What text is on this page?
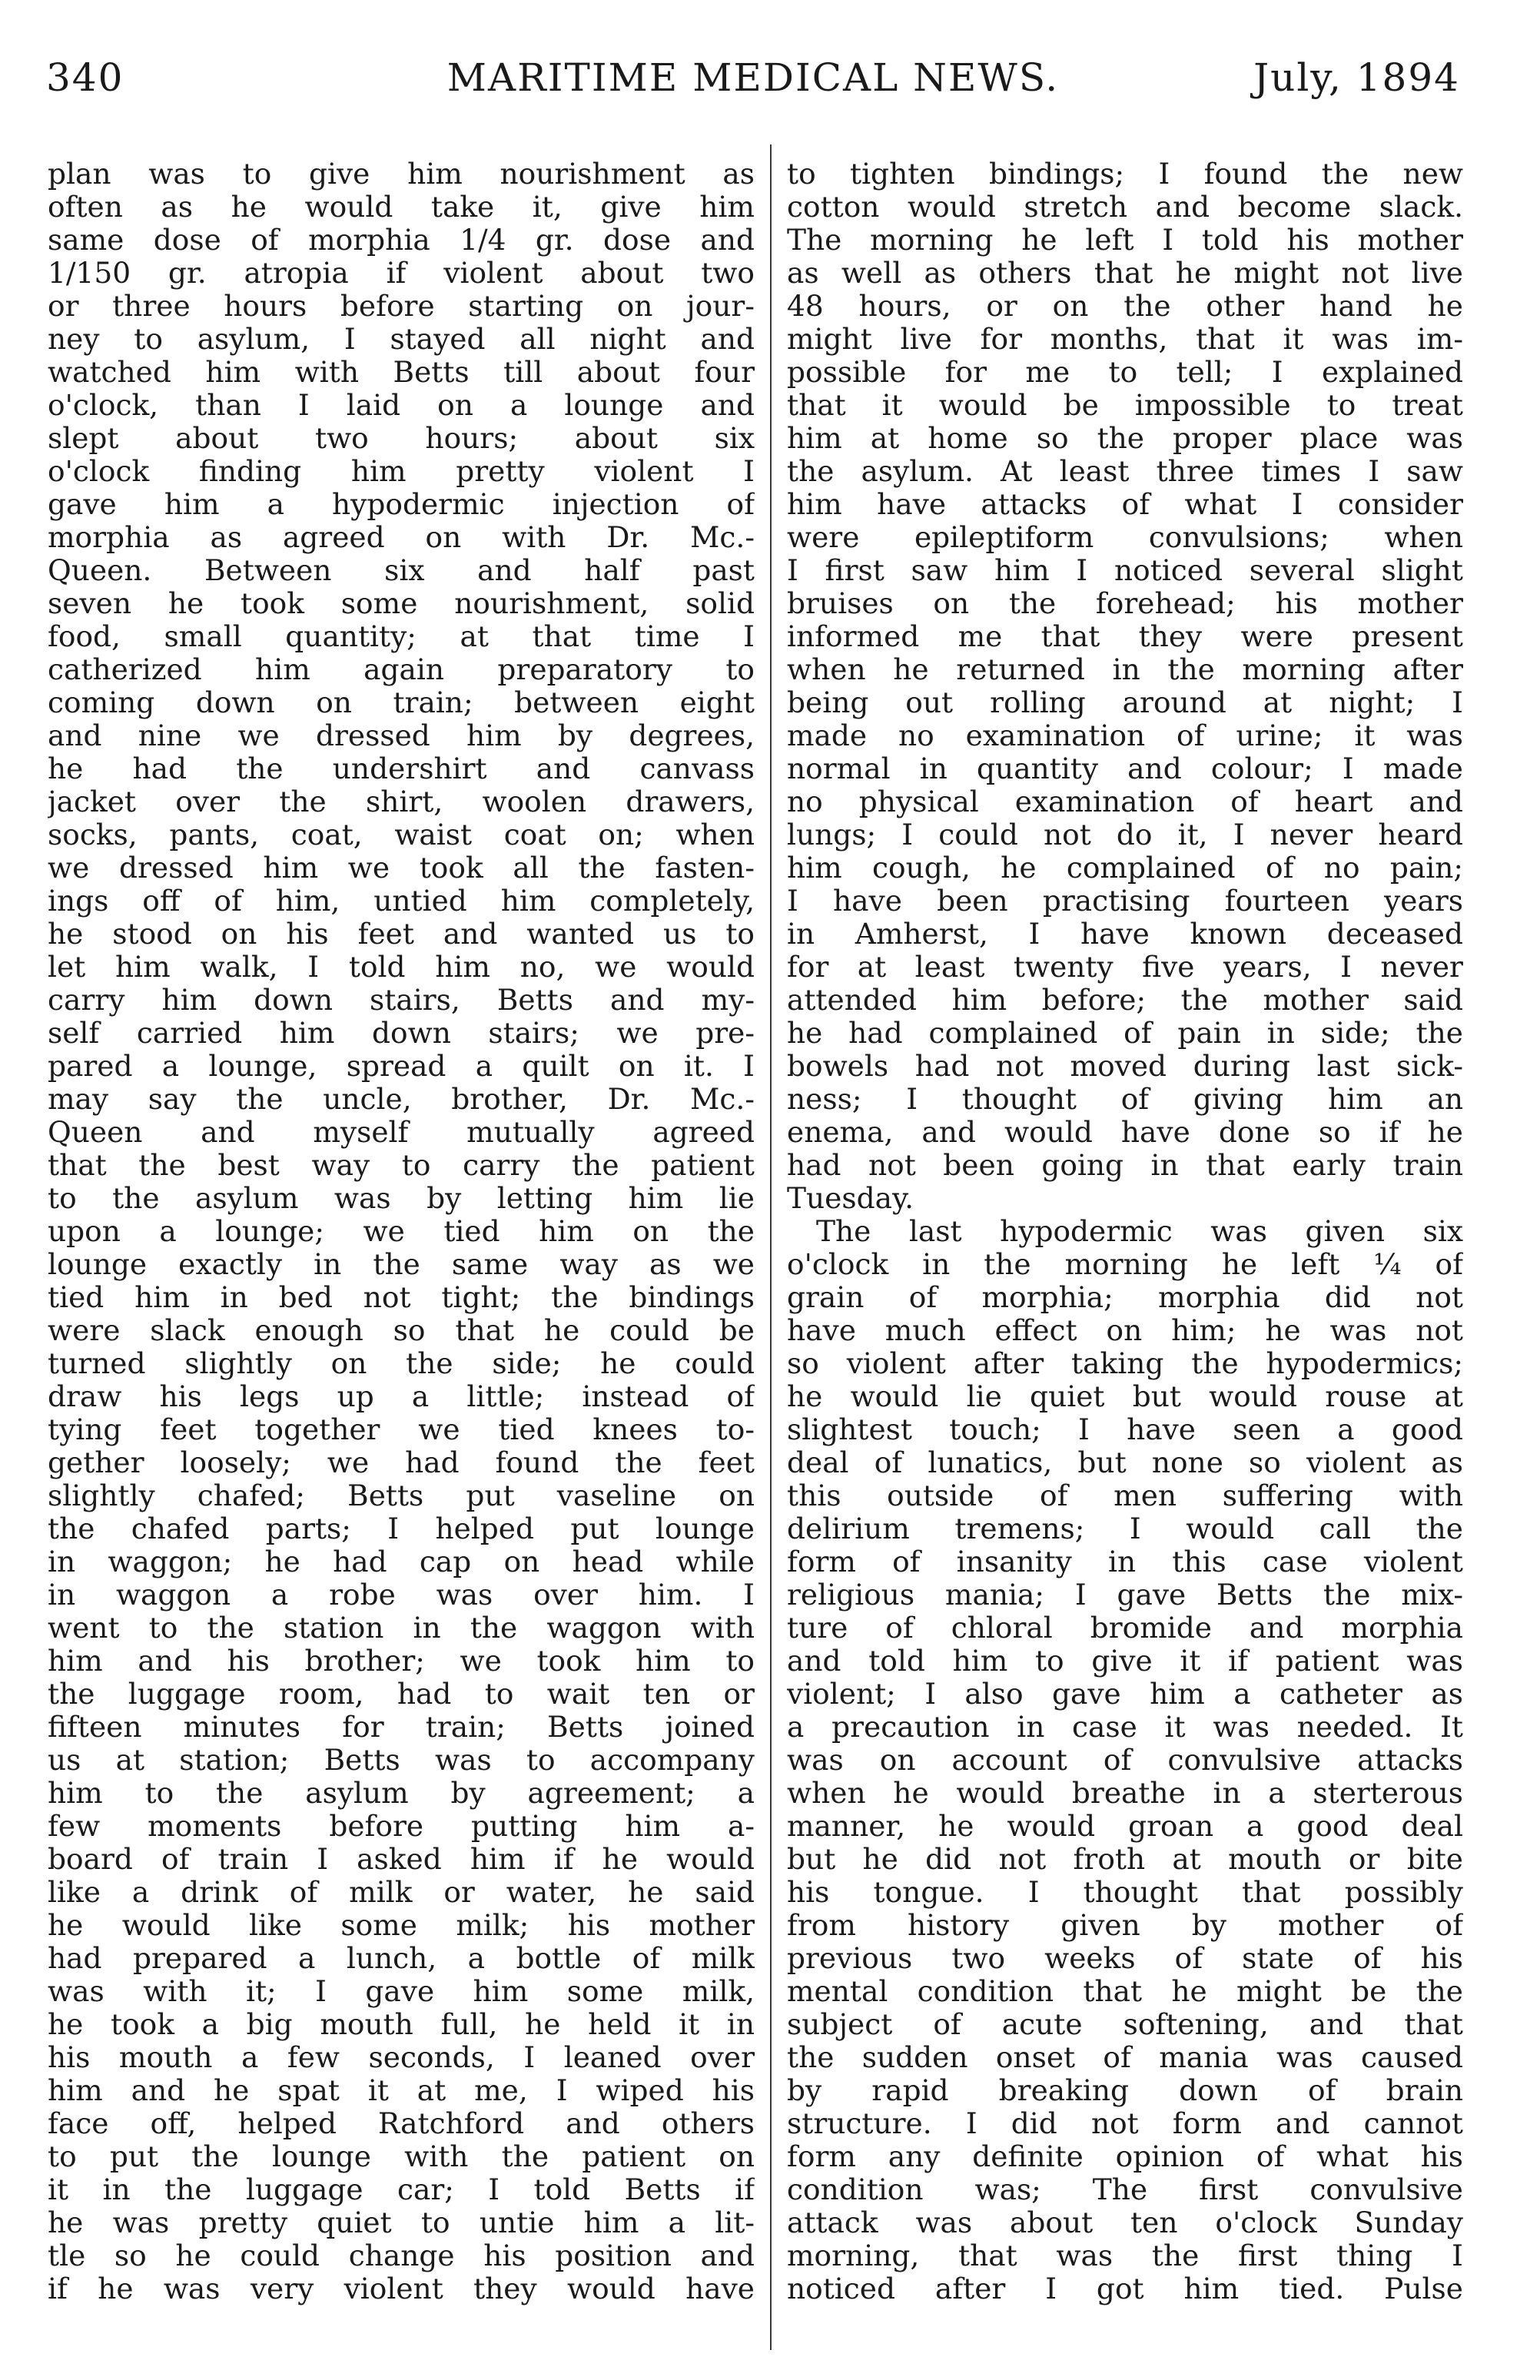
340	MARITIME MEDICAL NEWS.	July, 1894
plan was to give him nourishment as
often as he would take it, give him
same dose of morphia 1/4 gr. dose and
1/150 gr. atropia if violent about two
or three hours before starting on jour-
ney to asylum, I stayed all night and
watched him with Betts till about four
o'clock, than I laid on a lounge and
slept about two hours; about six
o'clock finding him pretty violent I
gave him a hypodermic injection of
morphia as agreed on with Dr. Mc.-
Queen. Between six and half past
seven he took some nourishment, solid
food, small quantity; at that time I
catherized him again preparatory to
coming down on train; between eight
and nine we dressed him by degrees,
he had the undershirt and canvass
jacket over the shirt, woolen drawers,
socks, pants, coat, waist coat on; when
we dressed him we took all the fasten-
ings off of him, untied him completely,
he stood on his feet and wanted us to
let him walk, I told him no, we would
carry him down stairs, Betts and my-
self carried him down stairs; we pre-
pared a lounge, spread a quilt on it. I
may say the uncle, brother, Dr. Mc.-
Queen and myself mutually agreed
that the best way to carry the patient
to the asylum was by letting him lie
upon a lounge; we tied him on the
lounge exactly in the same way as we
tied him in bed not tight; the bindings
were slack enough so that he could be
turned slightly on the side; he could
draw his legs up a little; instead of
tying feet together we tied knees to-
gether loosely; we had found the feet
slightly chafed; Betts put vaseline on
the chafed parts; I helped put lounge
in waggon; he had cap on head while
in waggon a robe was over him. I
went to the station in the waggon with
him and his brother; we took him to
the luggage room, had to wait ten or
fifteen minutes for train; Betts joined
us at station; Betts was to accompany
him to the asylum by agreement; a
few moments before putting him a-
board of train I asked him if he would
like a drink of milk or water, he said
he would like some milk; his mother
had prepared a lunch, a bottle of milk
was with it; I gave him some milk,
he took a big mouth full, he held it in
his mouth a few seconds, I leaned over
him and he spat it at me, I wiped his
face off, helped Ratchford and others
to put the lounge with the patient on
it in the luggage car; I told Betts if
he was pretty quiet to untie him a lit-
tle so he could change his position and
if he was very violent they would have
to tighten bindings; I found the new
cotton would stretch and become slack.
The morning he left I told his mother
as well as others that he might not live
48 hours, or on the other hand he
might live for months, that it was im-
possible for me to tell; I explained
that it would be impossible to treat
him at home so the proper place was
the asylum. At least three times I saw
him have attacks of what I consider
were epileptiform convulsions; when
I first saw him I noticed several slight
bruises on the forehead; his mother
informed me that they were present
when he returned in the morning after
being out rolling around at night; I
made no examination of urine; it was
normal in quantity and colour; I made
no physical examination of heart and
lungs; I could not do it, I never heard
him cough, he complained of no pain;
I have been practising fourteen years
in Amherst, I have known deceased
for at least twenty five years, I never
attended him before; the mother said
he had complained of pain in side; the
bowels had not moved during last sick-
ness; I thought of giving him an
enema, and would have done so if he
had not been going in that early train
Tuesday.
The last hypodermic was given six
o'clock in the morning he left ¼ of
grain of morphia; morphia did not
have much effect on him; he was not
so violent after taking the hypodermics;
he would lie quiet but would rouse at
slightest touch; I have seen a good
deal of lunatics, but none so violent as
this outside of men suffering with
delirium tremens; I would call the
form of insanity in this case violent
religious mania; I gave Betts the mix-
ture of chloral bromide and morphia
and told him to give it if patient was
violent; I also gave him a catheter as
a precaution in case it was needed. It
was on account of convulsive attacks
when he would breathe in a sterterous
manner, he would groan a good deal
but he did not froth at mouth or bite
his tongue. I thought that possibly
from history given by mother of
previous two weeks of state of his
mental condition that he might be the
subject of acute softening, and that
the sudden onset of mania was caused
by rapid breaking down of brain
structure. I did not form and cannot
form any definite opinion of what his
condition was; The first convulsive
attack was about ten o'clock Sunday
morning, that was the first thing I
noticed after I got him tied. Pulse
